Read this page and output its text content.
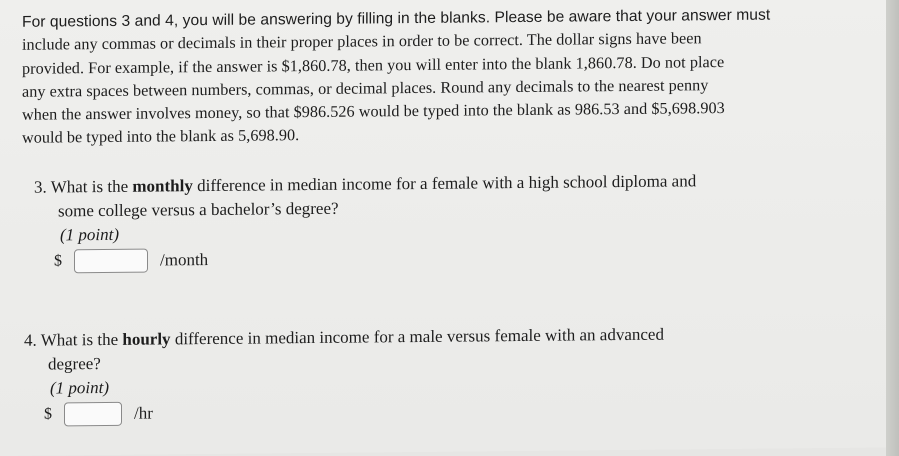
For questions 3 and 4, you will be answering by filling in the blanks. Please be aware that your answer must
include any commas or decimals in their proper places in order to be correct. The dollar signs have been
provided. For example, if the answer is $1,860.78, then you will enter into the blank 1,860.78. Do not place
any extra spaces between numbers, commas, or decimal places. Round any decimals to the nearest penny
when the answer involves money, so that $986.526 would be typed into the blank as 986.53 and $5,698.903
would be typed into the blank as 5,698.90.
3. What is the monthly difference in median income for a female with a high school diploma and
some college versus a bachelor’s degree?
(1 point)
$	/month
4. What is the hourly difference in median income for a male versus female with an advanced
degree?
(1 point)
$	/hr
